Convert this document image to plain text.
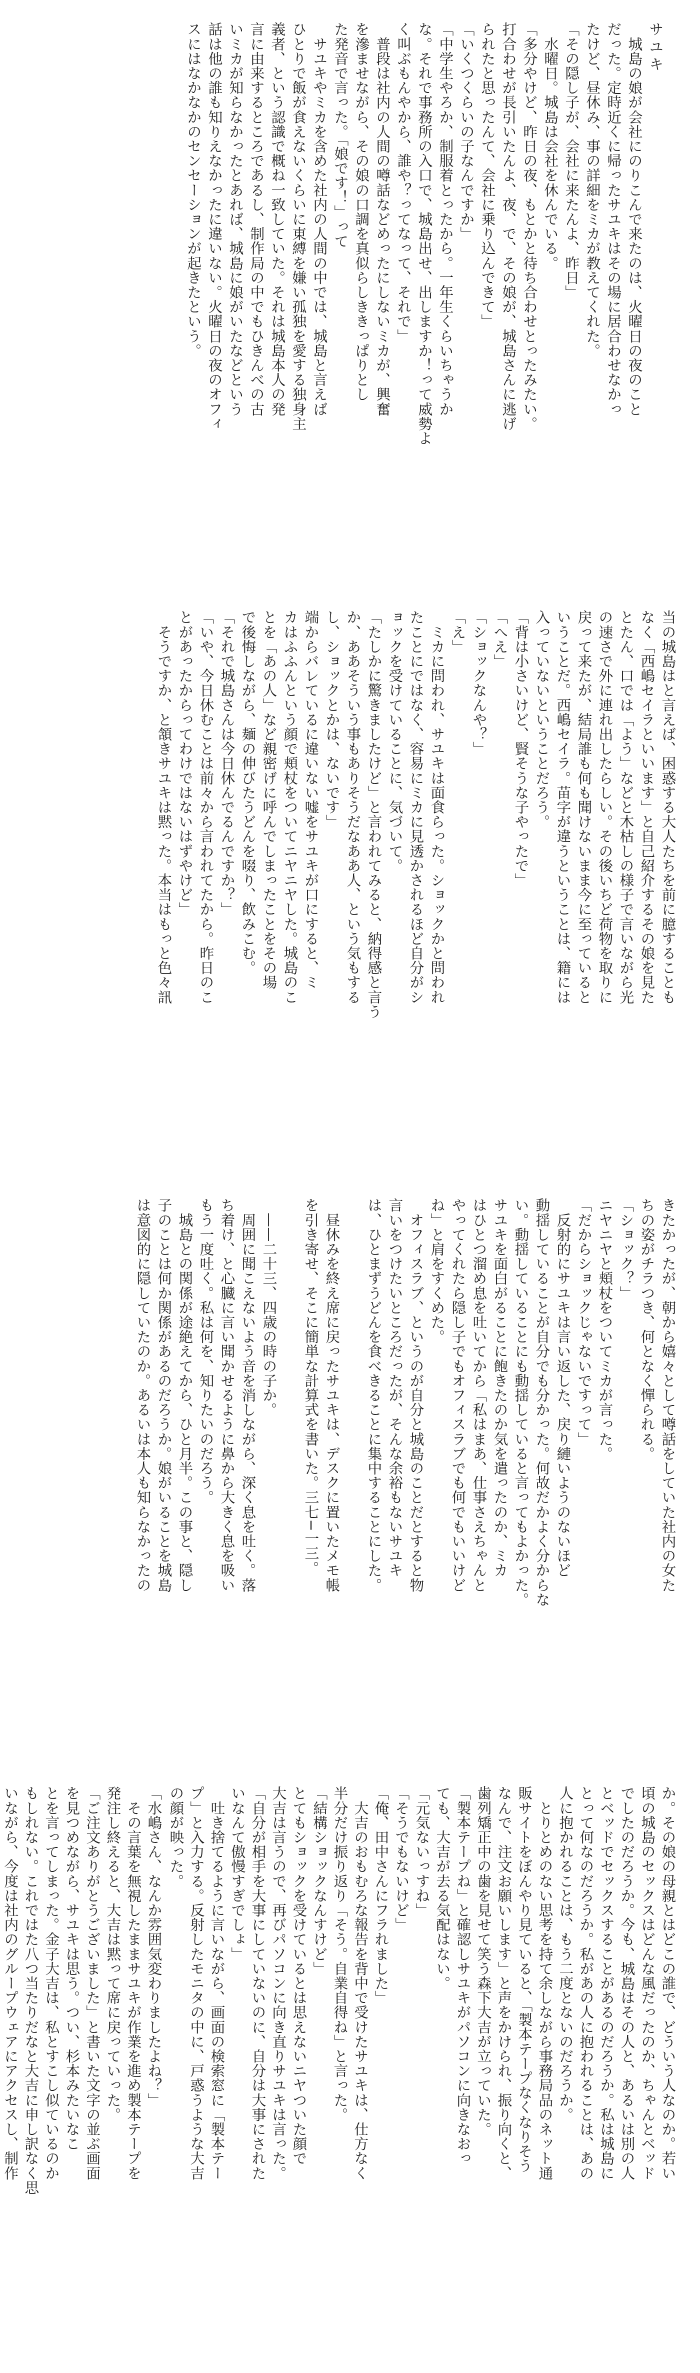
サユキ
　城島の娘が会社にのりこんで来たのは、火曜日の夜のこと
だった。定時近くに帰ったサユキはその場に居合わせなかっ
たけど、昼休み、事の詳細をミカが教えてくれた。
「その隠し子が、会社に来たんよ、昨日」
　水曜日。城島は会社を休んでいる。
「多分やけど、昨日の夜、もとかと待ち合わせとったみたい。
打合わせが長引いたんよ、夜、で、その娘が、城島さんに逃げ
られたと思ったんて、会社に乗り込んできて」
「いくつくらいの子なんですか」
「中学生やろか、制服着とったから。一年生くらいちゃうか
な。それで事務所の入口で、城島出せ、出しますか！って威勢よ
く叫ぶもんやから、誰や？ってなって、それで」
　普段は社内の人間の噂話などめったにしないミカが、興奮
を滲ませながら、その娘の口調を真似らしききっぱりとし
た発音で言った。「娘です！」って
　サユキやミカを含めた社内の人間の中では、城島と言えば
ひとりで飯が食えないくらいに東縛を嫌い孤独を愛する独身主
義者、という認識で概ね一致していた。それは城島本人の発
言に由来するところであるし、制作局の中でもひきんべの古
いミカが知らなかったとあれば、城島に娘がいたなどという
話は他の誰も知りえなかったに違いない。火曜日の夜のオフィ
スにはなかなかのセンセーションが起きたという。
当の城島はと言えば、困惑する大人たちを前に臆することも
なく「西嶋セイラといいます」と自己紹介するその娘を見た
とたん、口では「よう」などと木枯しの様子で言いながら光
の速さで外に連れ出したらしい。その後いちど荷物を取りに
戻って来たが、結局誰も何も聞けないまま今に至っていると
いうことだ。西嶋セイラ。苗字が違うということは、籍には
入っていないということだろう。
「背は小さいけど、賢そうな子やったで」
「へえ」
「ショックなんや？」
「え」
　ミカに問われ、サユキは面食らった。ショックかと問われ
たことにではなく、容易にミカに見透かされるほど自分がシ
ョックを受けていることに、気づいて。
「たしかに驚きましたけど」と言われてみると、納得感と言う
か、ああそういう事もありそうだなああ人、という気もする
し、ショックとかは、ないです」
端からバレているに違いない嘘をサユキが口にすると、ミ
カはふふんという顔で頬杖をついてニヤニヤした。城島のこ
とを「あの人」など親密げに呼んでしまったことをその場
で後悔しながら、麺の伸びたうどんを啜り、飲みこむ。
「それで城島さんは今日休んでるんですか？」
「いや、今日休むことは前々から言われてたから。昨日のこ
とがあったからってわけではないはずやけど」
　そうですか、と頷きサユキは黙った。本当はもっと色々訊
きたかったが、朝から嬉々として噂話をしていた社内の女た
ちの姿がチラつき、何となく憚られる。
「ショック？」
ニヤニヤと頬杖をついてミカが言った。
「だからショックじゃないですって」
　反射的にサユキは言い返した、戻り縺いようのないほど
動揺していることが自分でも分かった。何故だかよく分からな
い。動揺していることにも動揺していると言ってもよかった。
サユキを面白がることに飽きたのか気を遣ったのか、ミカ
はひとつ溜め息を吐いてから「私はまあ、仕事さえちゃんと
やってくれたら隠し子でもオフィスラブでも何でもいいけど
ね」と肩をすくめた。
　オフィスラブ、というのが自分と城島のことだとすると物
言いをつけたいところだったが、そんな余裕もないサユキ
は、ひとまずうどんを食べきることに集中することにした。
　昼休みを終え席に戻ったサユキは、デスクに置いたメモ帳
を引き寄せ、そこに簡単な計算式を書いた。三七−一三。
　——二十三、四歳の時の子か。
　周囲に聞こえないよう音を消しながら、深く息を吐く。落
ち着け、と心臓に言い聞かせるように鼻から大きく息を吸い
もう一度吐く。私は何を、知りたいのだろう。
　城島との関係が途絶えてから、ひと月半。この事と、隠し
子のことは何か関係があるのだろうか。娘がいることを城島
は意図的に隠していたのか。あるいは本人も知らなかったの
か。その娘の母親とはどこの誰で、どういう人なのか。若い
頃の城島のセックスはどんな風だったのか、ちゃんとベッド
でしたのだろうか。今も、城島はその人と、あるいは別の人
とベッドでセックスすることがあるのだろうか。私は城島に
とって何なのだろうか。私があの人に抱われることは、あの
人に抱かれることは、もう二度とないのだろうか。
　とりとめのない思考を持て余しながら事務局品のネット通
販サイトをぼんやり見ていると、「製本テープなくなりそう
なんで、注文お願いします」と声をかけられ、振り向くと、
歯列矯正中の歯を見せて笑う森下大吉が立っていた。
「製本テープね」と確認しサユキがパソコンに向きなおっ
ても、大吉が去る気配はない。
「元気ないっすね」
「そうでもないけど」
「俺、田中さんにフラれました」
　大吉のおもむろな報告を背中で受けたサユキは、仕方なく
半分だけ振り返り「そう。自業自得ね」と言った。
「結構ショックなんすけど」
とてもショックを受けているとは思えないニヤついた顔で
大吉は言うので、再びパソコンに向き直りサユキは言った。
「自分が相手を大事にしていないのに、自分は大事にされた
いなんて傲慢すぎでしょ」
　吐き捨てるように言いながら、画面の検索窓に「製本テー
プ」と入力する。反射したモニタの中に、戸惑うような大吉
の顔が映った。
「水嶋さん、なんか雰囲気変わりましたよね？」
　その言葉を無視したままサユキが作業を進め製本テープを
発注し終えると、大吉は黙って席に戻っていった。
「ご注文ありがとうございました」と書いた文字の並ぶ画面
を見つめながら、サユキは思う。つい、杉本みたいなこ
とを言ってしまった。金子大吉は、私とすこし似ているのか
もしれない。これではた八つ当たりだなと大吉に申し訳なく思
いながら、今度は社内のグループウェアにアクセスし、制作
